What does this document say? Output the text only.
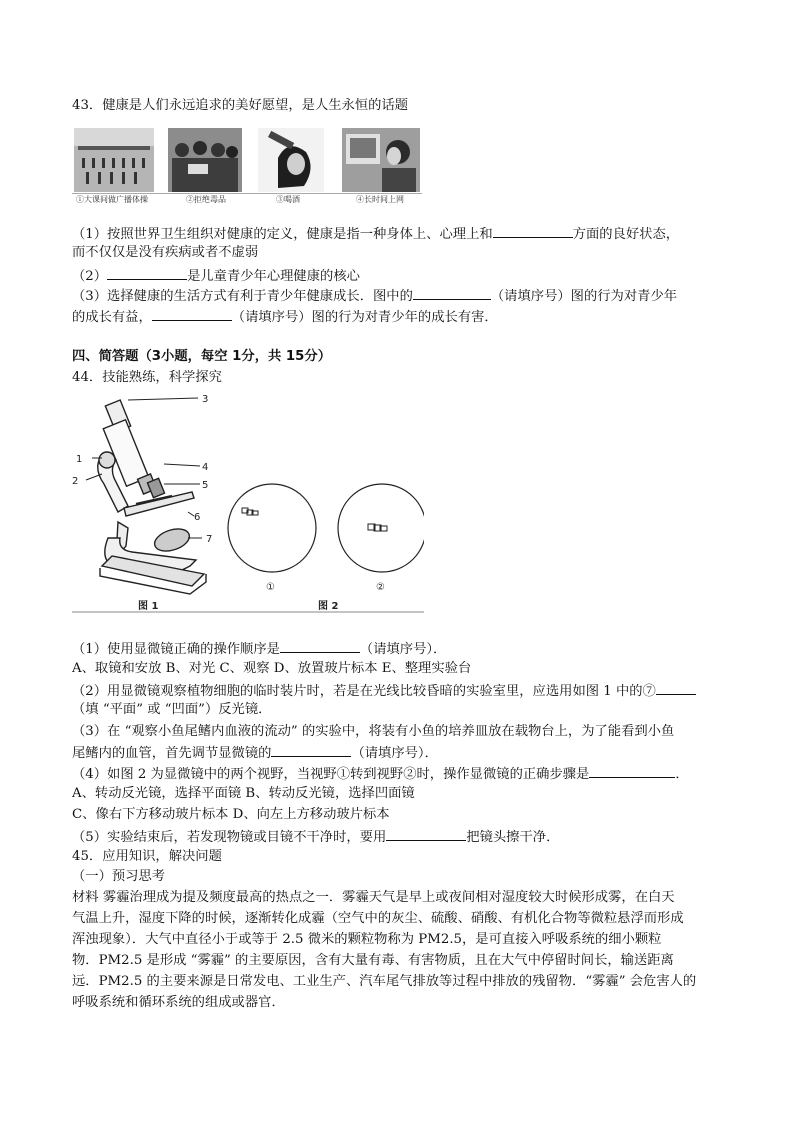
43．健康是人们永远追求的美好愿望，是人生永恒的话题
①大课间做广播体操	②拒绝毒品	③喝酒	④长时间上网
（1）按照世界卫生组织对健康的定义，健康是指一种身体上、心理上和	方面的良好状态，
而不仅仅是没有疾病或者不虚弱
（2）	是儿童青少年心理健康的核心
（3）选择健康的生活方式有利于青少年健康成长．图中的	（请填序号）图的行为对青少年
的成长有益，	（请填序号）图的行为对青少年的成长有害．
四、简答题（3小题，每空 1分，共 15分）
44．技能熟练，科学探究
3
1
2
4
5
6
7
①	②
图 1	图 2
（1）使用显微镜正确的操作顺序是	（请填序号）．
A、取镜和安放 B、对光 C、观察 D、放置玻片标本 E、整理实验台
（2）用显微镜观察植物细胞的临时装片时，若是在光线比较昏暗的实验室里，应选用如图 1 中的⑦
（填 “平面” 或 “凹面”）反光镜．
（3）在 “观察小鱼尾鳍内血液的流动” 的实验中，将装有小鱼的培养皿放在载物台上，为了能看到小鱼
尾鳍内的血管，首先调节显微镜的	（请填序号）．
（4）如图 2 为显微镜中的两个视野，当视野①转到视野②时，操作显微镜的正确步骤是	．
A、转动反光镜，选择平面镜 B、转动反光镜，选择凹面镜
C、像右下方移动玻片标本 D、向左上方移动玻片标本
（5）实验结束后，若发现物镜或目镜不干净时，要用	把镜头擦干净．
45．应用知识，解决问题
（一）预习思考
材料 雾霾治理成为提及频度最高的热点之一．雾霾天气是早上或夜间相对湿度较大时候形成雾，在白天
气温上升，湿度下降的时候，逐渐转化成霾（空气中的灰尘、硫酸、硝酸、有机化合物等微粒悬浮而形成
浑浊现象）．大气中直径小于或等于 2.5 微米的颗粒物称为 PM2.5，是可直接入呼吸系统的细小颗粒
物．PM2.5 是形成 “雾霾” 的主要原因，含有大量有毒、有害物质，且在大气中停留时间长，输送距离
远．PM2.5 的主要来源是日常发电、工业生产、汽车尾气排放等过程中排放的残留物．“雾霾” 会危害人的
呼吸系统和循环系统的组成或器官．
